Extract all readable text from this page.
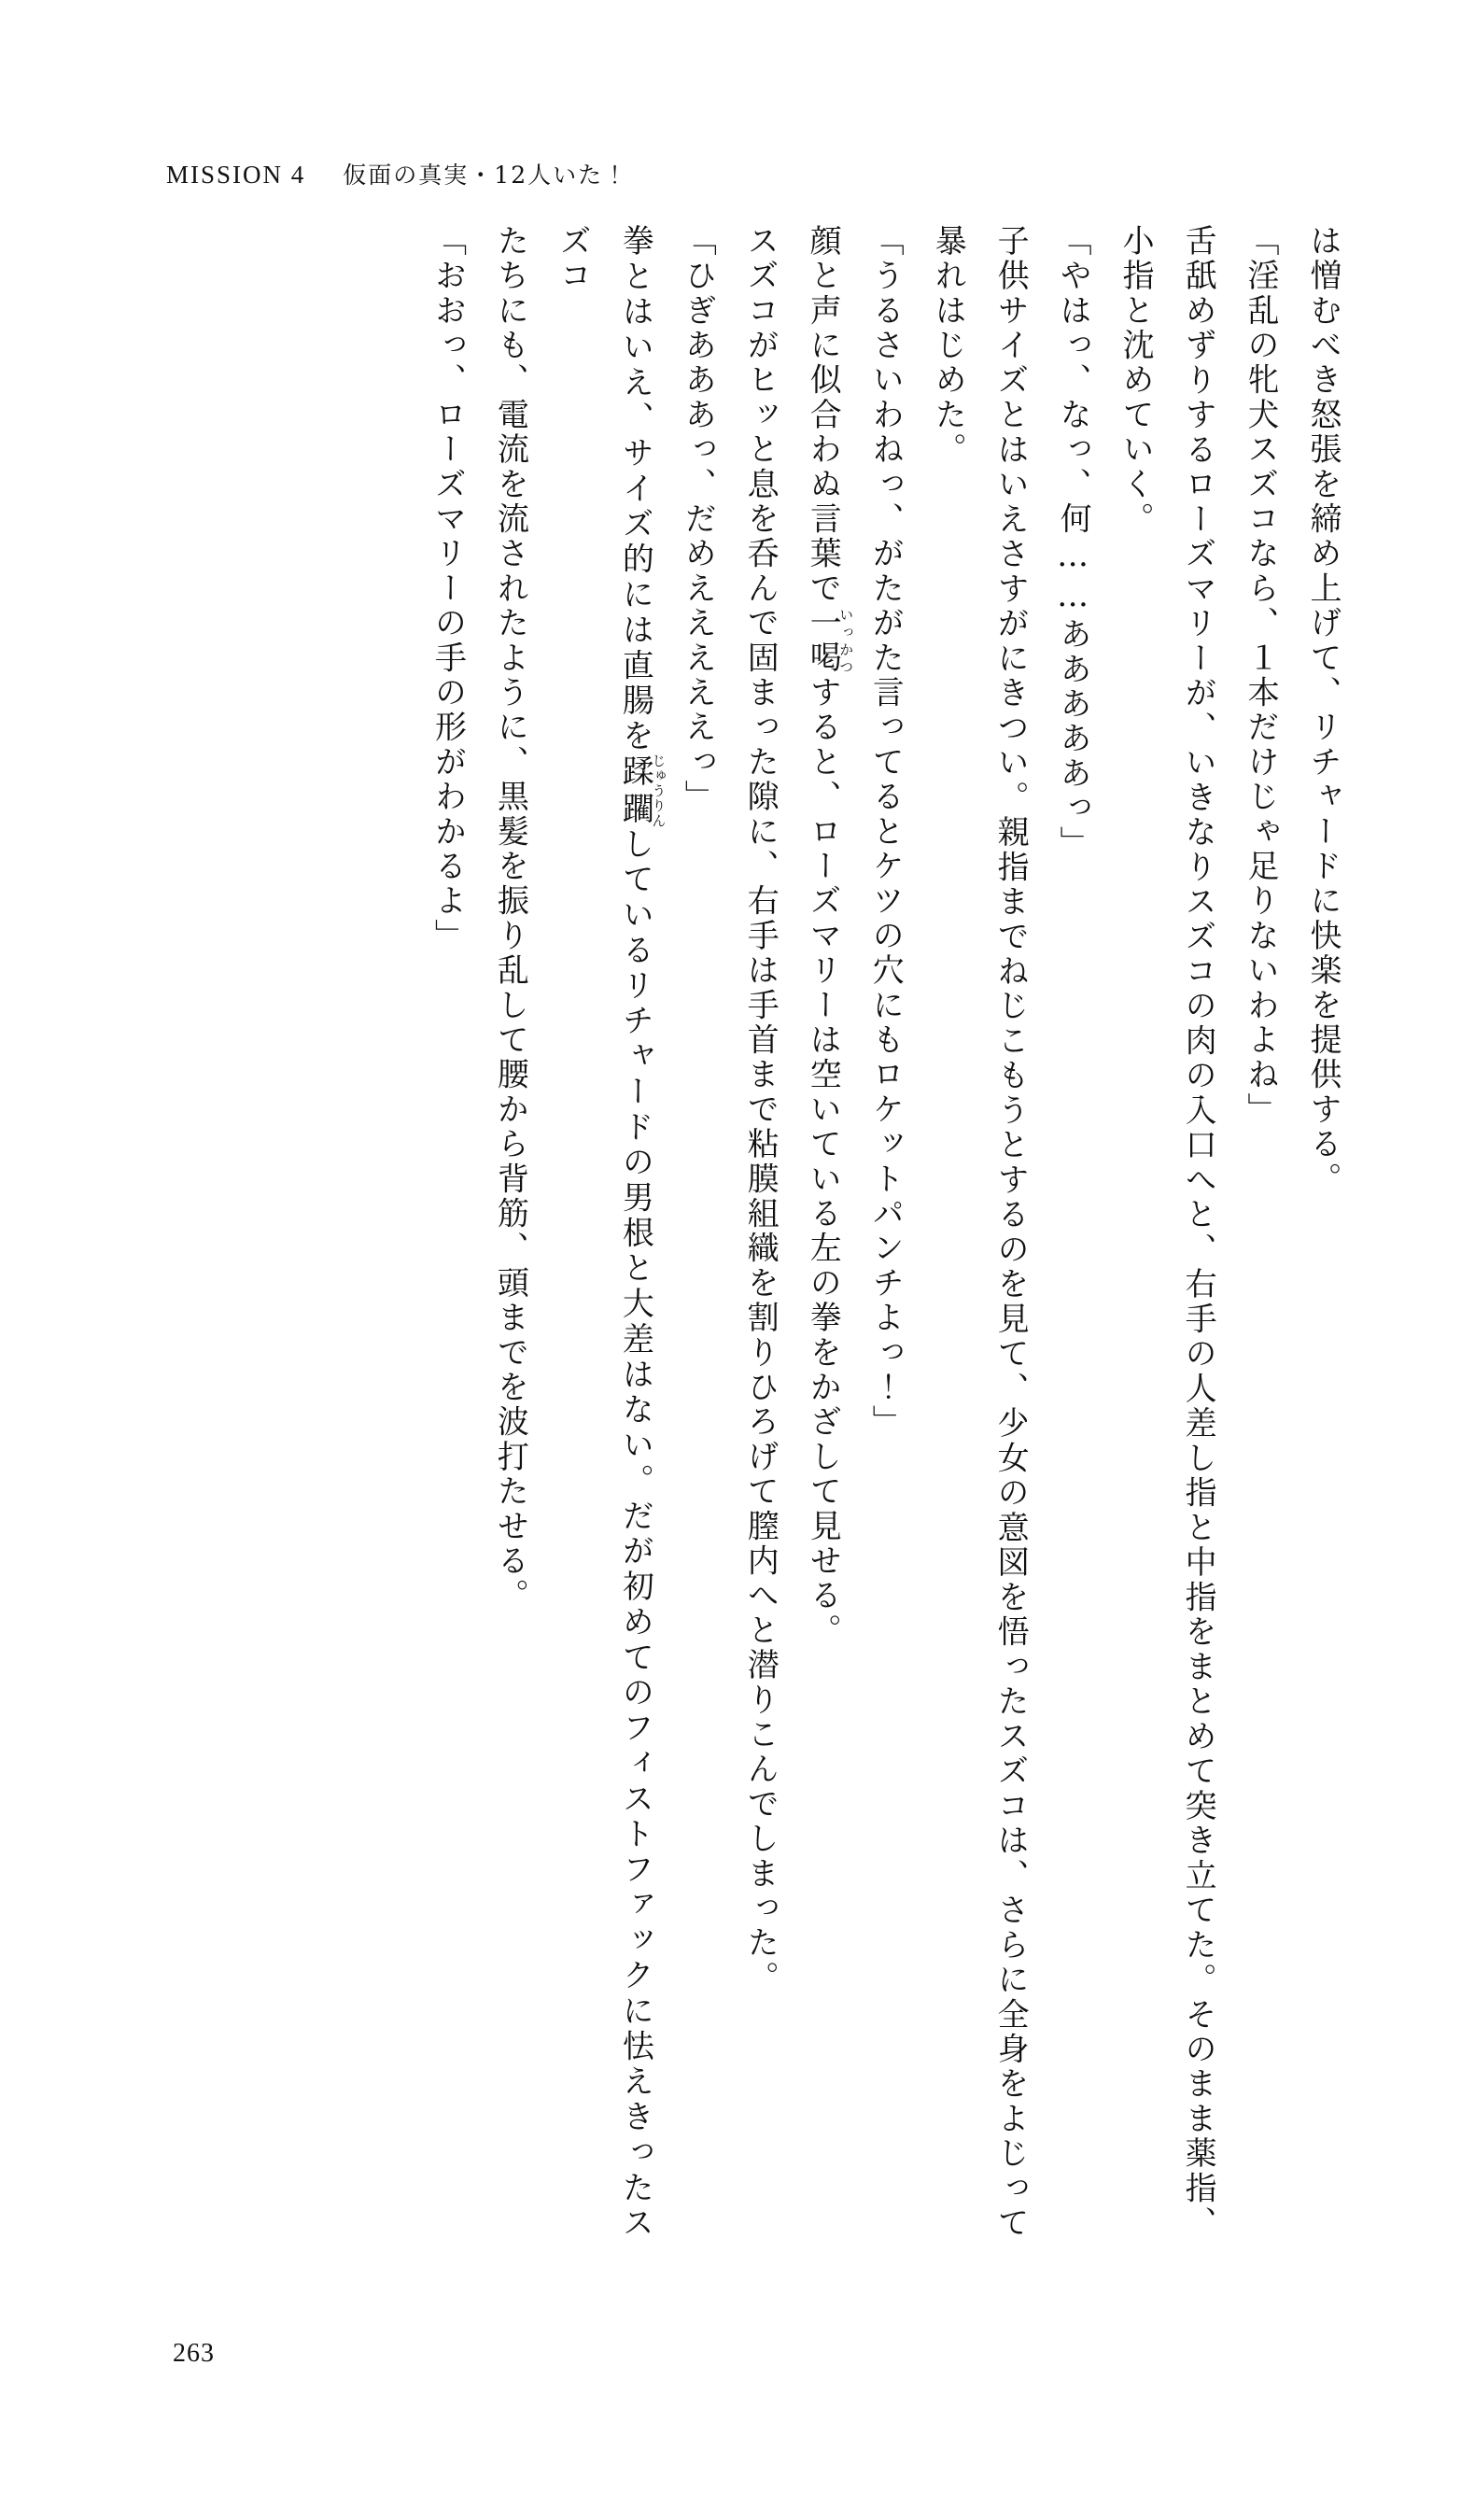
MISSION 4 仮面の真実・12人いた！

は憎むべき怒張を締め上げて、リチャードに快楽を提供する。

「淫乱の牝犬スズコなら、１本だけじゃ足りないわよね」

舌舐めずりするローズマリーが、いきなりスズコの肉の入口へと、右手の人差し指と中指をまとめて突き立てた。そのまま薬指、小指と沈めていく。

「やはっ、なっ、何……あああああっ」

子供サイズとはいえさすがにきつい。親指までねじこもうとするのを見て、少女の意図を悟ったスズコは、さらに全身をよじって暴れはじめた。

「うるさいわねっ、がたがた言ってるとケツの穴にもロケットパンチよっ！」

顔と声に似合わぬ言葉で一喝いっかつすると、ローズマリーは空いている左の拳をかざして見せる。

スズコがヒッと息を呑んで固まった隙に、右手は手首まで粘膜組織を割りひろげて膣内へと潜りこんでしまった。

「ひぎあああっ、だめえええええっ」

拳とはいえ、サイズ的には直腸を蹂躙じゅうりんしているリチャードの男根と大差はない。だが初めてのフィストファックに怯えきったスズコ

たちにも、電流を流されたように、黒髪を振り乱して腰から背筋、頭までを波打たせる。

「おおっ、ローズマリーの手の形がわかるよ」

263
